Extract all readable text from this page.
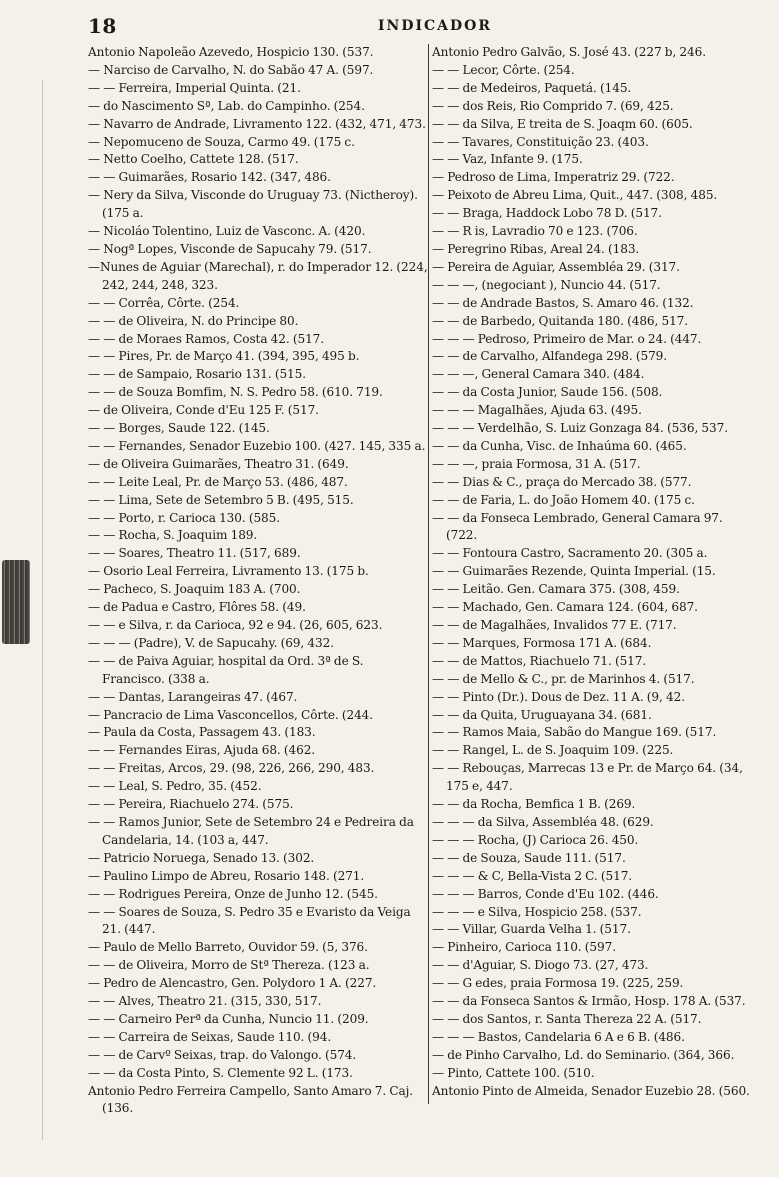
18	INDICADOR
Antonio Napoleão Azevedo, Hospicio 130. (537.
— Narciso de Carvalho, N. do Sabão 47 A. (597.
— — Ferreira, Imperial Quinta. (21.
— do Nascimento Sª, Lab. do Campinho. (254.
— Navarro de Andrade, Livramento 122. (432, 471, 473.
— Nepomuceno de Souza, Carmo 49. (175 c.
— Netto Coelho, Cattete 128. (517.
— — Guimarães, Rosario 142. (347, 486.
— Nery da Silva, Visconde do Uruguay 73. (Nictheroy). (175 a.
— Nicoláo Tolentino, Luiz de Vasconc. A. (420.
— Nogª Lopes, Visconde de Sapucahy 79. (517.
—Nunes de Aguiar (Marechal), r. do Imperador 12. (224, 242, 244, 248, 323.
— — Corrêa, Côrte. (254.
— — de Oliveira, N. do Principe 80.
— — de Moraes Ramos, Costa 42. (517.
— — Pires, Pr. de Março 41. (394, 395, 495 b.
— — de Sampaio, Rosario 131. (515.
— — de Souza Bomfim, N. S. Pedro 58. (610. 719.
— de Oliveira, Conde d'Eu 125 F. (517.
— — Borges, Saude 122. (145.
— — Fernandes, Senador Euzebio 100. (427. 145, 335 a.
— de Oliveira Guimarães, Theatro 31. (649.
— — Leite Leal, Pr. de Março 53. (486, 487.
— — Lima, Sete de Setembro 5 B. (495, 515.
— — Porto, r. Carioca 130. (585.
— — Rocha, S. Joaquim 189.
— — Soares, Theatro 11. (517, 689.
— Osorio Leal Ferreira, Livramento 13. (175 b.
— Pacheco, S. Joaquim 183 A. (700.
— de Padua e Castro, Flôres 58. (49.
— — e Silva, r. da Carioca, 92 e 94. (26, 605, 623.
— — — (Padre), V. de Sapucahy. (69, 432.
— — de Paiva Aguiar, hospital da Ord. 3ª de S. Francisco. (338 a.
— — Dantas, Larangeiras 47. (467.
— Pancracio de Lima Vasconcellos, Côrte. (244.
— Paula da Costa, Passagem 43. (183.
— — Fernandes Eiras, Ajuda 68. (462.
— — Freitas, Arcos, 29. (98, 226, 266, 290, 483.
— — Leal, S. Pedro, 35. (452.
— — Pereira, Riachuelo 274. (575.
— — Ramos Junior, Sete de Setembro 24 e Pedreira da Candelaria, 14. (103 a, 447.
— Patricio Noruega, Senado 13. (302.
— Paulino Limpo de Abreu, Rosario 148. (271.
— — Rodrigues Pereira, Onze de Junho 12. (545.
— — Soares de Souza, S. Pedro 35 e Evaristo da Veiga 21. (447.
— Paulo de Mello Barreto, Ouvidor 59. (5, 376.
— — de Oliveira, Morro de Stª Thereza. (123 a.
— Pedro de Alencastro, Gen. Polydoro 1 A. (227.
— — Alves, Theatro 21. (315, 330, 517.
— — Carneiro Perª da Cunha, Nuncio 11. (209.
— — Carreira de Seixas, Saude 110. (94.
— — de Carvº Seixas, trap. do Valongo. (574.
— — da Costa Pinto, S. Clemente 92 L. (173.
Antonio Pedro Ferreira Campello, Santo Amaro 7. Caj. (136.
Antonio Pedro Galvão, S. José 43. (227 b, 246.
— — Lecor, Côrte. (254.
— — de Medeiros, Paquetá. (145.
— — dos Reis, Rio Comprido 7. (69, 425.
— — da Silva, E treita de S. Joaqm 60. (605.
— — Tavares, Constituição 23. (403.
— — Vaz, Infante 9. (175.
— Pedroso de Lima, Imperatriz 29. (722.
— Peixoto de Abreu Lima, Quit., 447. (308, 485.
— — Braga, Haddock Lobo 78 D. (517.
— — R is, Lavradio 70 e 123. (706.
— Peregrino Ribas, Areal 24. (183.
— Pereira de Aguiar, Assembléa 29. (317.
— — —, (negociant ), Nuncio 44. (517.
— — de Andrade Bastos, S. Amaro 46. (132.
— — de Barbedo, Quitanda 180. (486, 517.
— — — Pedroso, Primeiro de Mar. o 24. (447.
— — de Carvalho, Alfandega 298. (579.
— — —, General Camara 340. (484.
— — da Costa Junior, Saude 156. (508.
— — — Magalhães, Ajuda 63. (495.
— — — Verdelhão, S. Luiz Gonzaga 84. (536, 537.
— — da Cunha, Visc. de Inhaúma 60. (465.
— — —, praia Formosa, 31 A. (517.
— — Dias & C., praça do Mercado 38. (577.
— — de Faria, L. do João Homem 40. (175 c.
— — da Fonseca Lembrado, General Camara 97. (722.
— — Fontoura Castro, Sacramento 20. (305 a.
— — Guimarães Rezende, Quinta Imperial. (15.
— — Leitão. Gen. Camara 375. (308, 459.
— — Machado, Gen. Camara 124. (604, 687.
— — de Magalhães, Invalidos 77 E. (717.
— — Marques, Formosa 171 A. (684.
— — de Mattos, Riachuelo 71. (517.
— — de Mello & C., pr. de Marinhos 4. (517.
— — Pinto (Dr.). Dous de Dez. 11 A. (9, 42.
— — da Quita, Uruguayana 34. (681.
— — Ramos Maia, Sabão do Mangue 169. (517.
— — Rangel, L. de S. Joaquim 109. (225.
— — Rebouças, Marrecas 13 e Pr. de Março 64. (34, 175 e, 447.
— — da Rocha, Bemfica 1 B. (269.
— — — da Silva, Assembléa 48. (629.
— — — Rocha, (J) Carioca 26. 450.
— — de Souza, Saude 111. (517.
— — — & C, Bella-Vista 2 C. (517.
— — — Barros, Conde d'Eu 102. (446.
— — — e Silva, Hospicio 258. (537.
— — Villar, Guarda Velha 1. (517.
— Pinheiro, Carioca 110. (597.
— — d'Aguiar, S. Diogo 73. (27, 473.
— — G edes, praia Formosa 19. (225, 259.
— — da Fonseca Santos & Irmão, Hosp. 178 A. (537.
— — dos Santos, r. Santa Thereza 22 A. (517.
— — — Bastos, Candelaria 6 A e 6 B. (486.
— de Pinho Carvalho, Ld. do Seminario. (364, 366.
— Pinto, Cattete 100. (510.
Antonio Pinto de Almeida, Senador Euzebio 28. (560.
